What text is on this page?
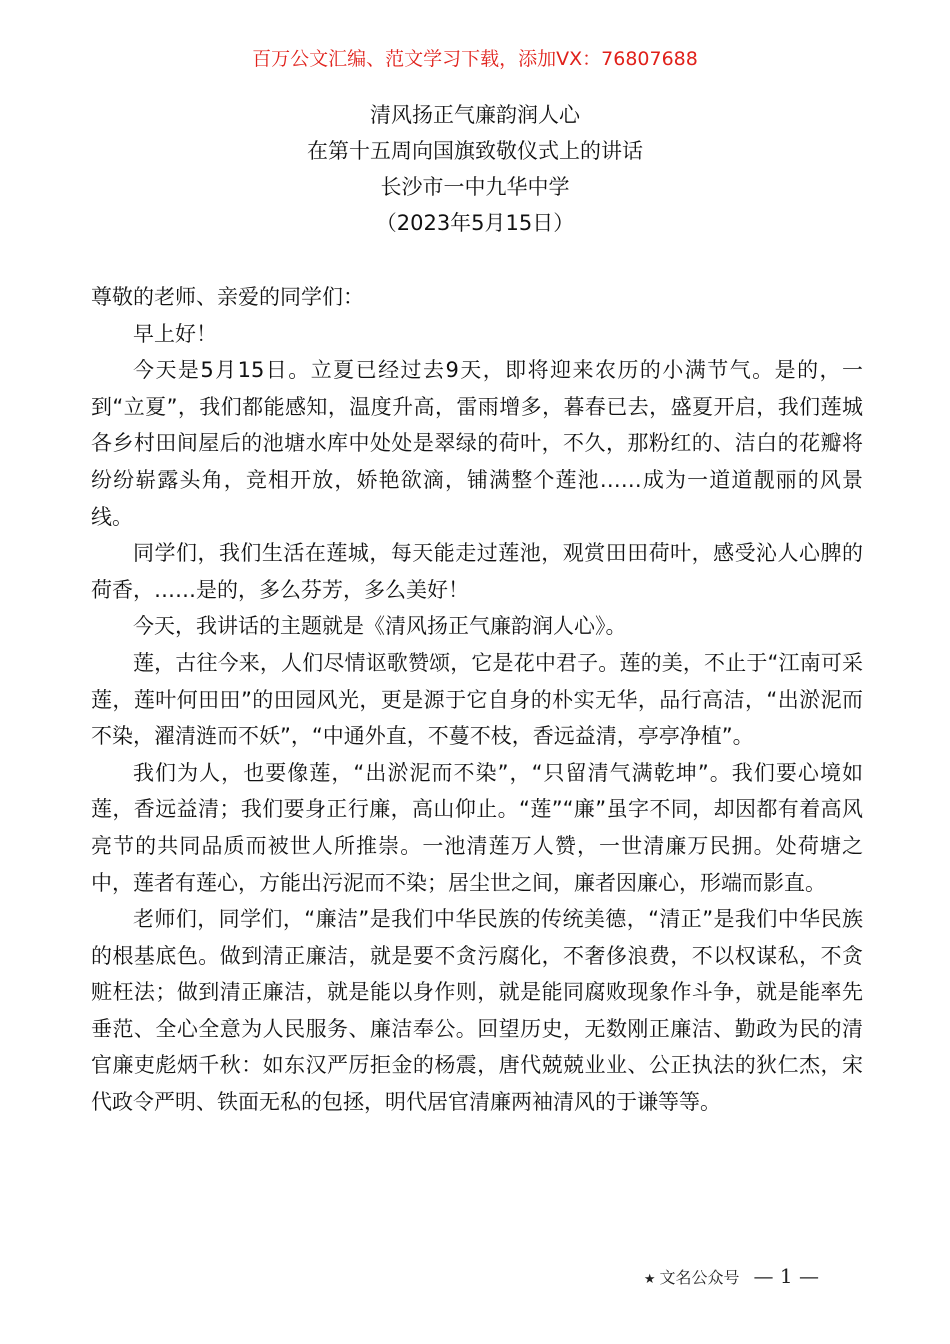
百万公文汇编、范文学习下载，添加VX：76807688
清风扬正气廉韵润人心
在第十五周向国旗致敬仪式上的讲话
长沙市一中九华中学
（2023年5月15日）

尊敬的老师、亲爱的同学们：

早上好！

今天是5月15日。立夏已经过去9天，即将迎来农历的小满节气。是的，一到“立夏”，我们都能感知，温度升高，雷雨增多，暮春已去，盛夏开启，我们莲城各乡村田间屋后的池塘水库中处处是翠绿的荷叶，不久，那粉红的、洁白的花瓣将纷纷崭露头角，竞相开放，娇艳欲滴，铺满整个莲池……成为一道道靓丽的风景线。

同学们，我们生活在莲城，每天能走过莲池，观赏田田荷叶，感受沁人心脾的荷香，……是的，多么芬芳，多么美好！

今天，我讲话的主题就是《清风扬正气廉韵润人心》。

莲，古往今来，人们尽情讴歌赞颂，它是花中君子。莲的美，不止于“江南可采莲，莲叶何田田”的田园风光，更是源于它自身的朴实无华，品行高洁，“出淤泥而不染，濯清涟而不妖”，“中通外直，不蔓不枝，香远益清，亭亭净植”。

我们为人，也要像莲，“出淤泥而不染”，“只留清气满乾坤”。我们要心境如莲，香远益清；我们要身正行廉，高山仰止。“莲”“廉”虽字不同，却因都有着高风亮节的共同品质而被世人所推崇。一池清莲万人赞，一世清廉万民拥。处荷塘之中，莲者有莲心，方能出污泥而不染；居尘世之间，廉者因廉心，形端而影直。

老师们，同学们，“廉洁”是我们中华民族的传统美德，“清正”是我们中华民族的根基底色。做到清正廉洁，就是要不贪污腐化，不奢侈浪费，不以权谋私，不贪赃枉法；做到清正廉洁，就是能以身作则，就是能同腐败现象作斗争，就是能率先垂范、全心全意为人民服务、廉洁奉公。回望历史，无数刚正廉洁、勤政为民的清官廉吏彪炳千秋：如东汉严厉拒金的杨震，唐代兢兢业业、公正执法的狄仁杰，宋代政令严明、铁面无私的包拯，明代居官清廉两袖清风的于谦等等。

★ 文名公众号 — 1 —
